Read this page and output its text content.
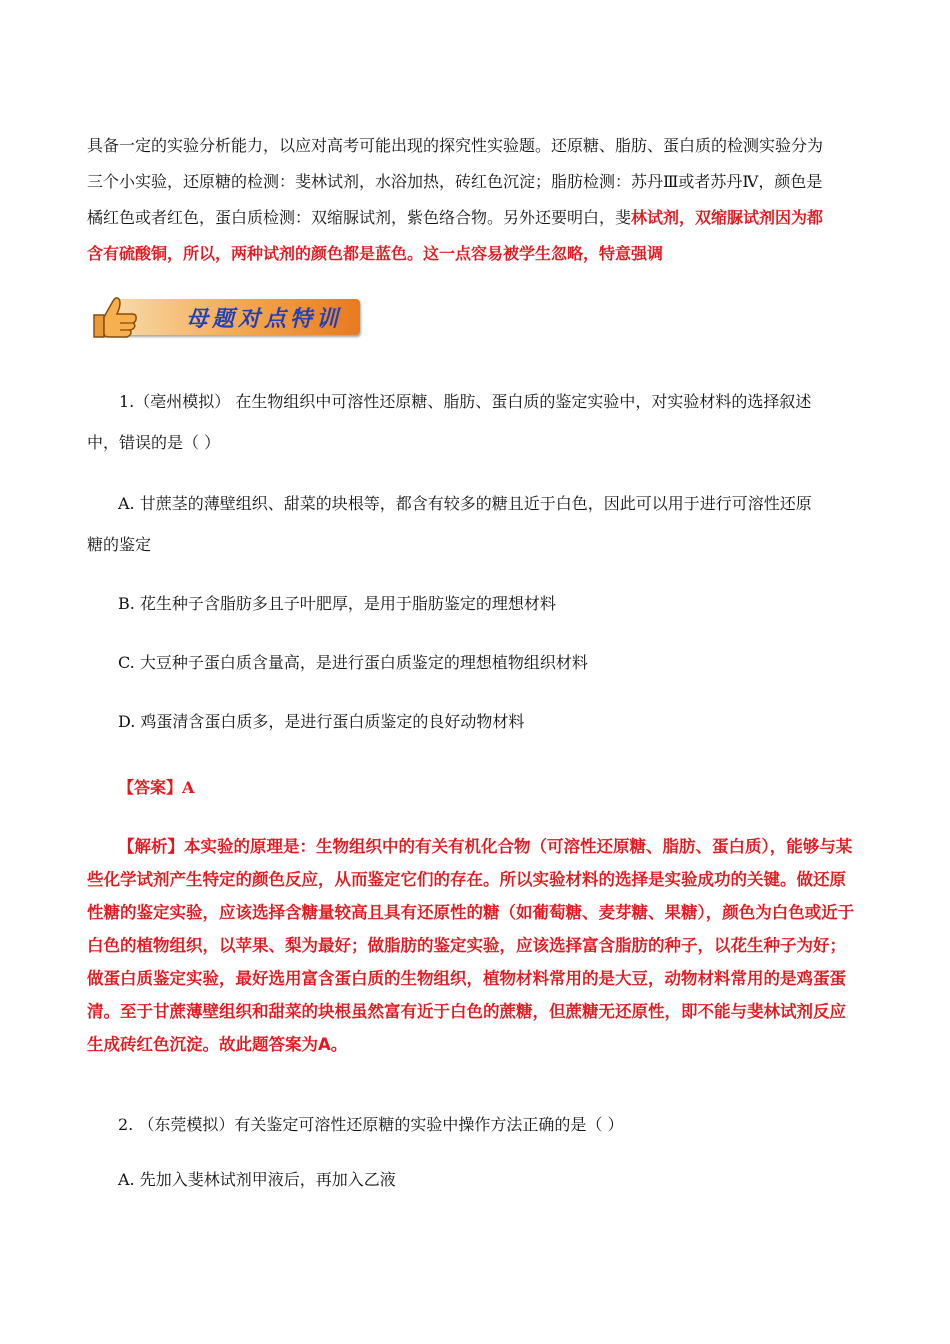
具备一定的实验分析能力，以应对高考可能出现的探究性实验题。还原糖、脂肪、蛋白质的检测实验分为
三个小实验，还原糖的检测：斐林试剂，水浴加热，砖红色沉淀；脂肪检测：苏丹Ⅲ或者苏丹Ⅳ，颜色是
橘红色或者红色，蛋白质检测：双缩脲试剂，紫色络合物。另外还要明白，斐林试剂，双缩脲试剂因为都
含有硫酸铜，所以，两种试剂的颜色都是蓝色。这一点容易被学生忽略，特意强调
母题对点特训
1.（亳州模拟） 在生物组织中可溶性还原糖、脂肪、蛋白质的鉴定实验中，对实验材料的选择叙述
中，错误的是（ ）
A. 甘蔗茎的薄壁组织、甜菜的块根等，都含有较多的糖且近于白色，因此可以用于进行可溶性还原
糖的鉴定
B. 花生种子含脂肪多且子叶肥厚，是用于脂肪鉴定的理想材料
C. 大豆种子蛋白质含量高，是进行蛋白质鉴定的理想植物组织材料
D. 鸡蛋清含蛋白质多，是进行蛋白质鉴定的良好动物材料
【答案】A
【解析】本实验的原理是：生物组织中的有关有机化合物（可溶性还原糖、脂肪、蛋白质），能够与某
些化学试剂产生特定的颜色反应，从而鉴定它们的存在。所以实验材料的选择是实验成功的关键。做还原
性糖的鉴定实验，应该选择含糖量较高且具有还原性的糖（如葡萄糖、麦芽糖、果糖），颜色为白色或近于
白色的植物组织，以苹果、梨为最好；做脂肪的鉴定实验，应该选择富含脂肪的种子，以花生种子为好；
做蛋白质鉴定实验，最好选用富含蛋白质的生物组织，植物材料常用的是大豆，动物材料常用的是鸡蛋蛋
清。至于甘蔗薄壁组织和甜菜的块根虽然富有近于白色的蔗糖，但蔗糖无还原性，即不能与斐林试剂反应
生成砖红色沉淀。故此题答案为A。
2. （东莞模拟）有关鉴定可溶性还原糖的实验中操作方法正确的是（ ）
A. 先加入斐林试剂甲液后，再加入乙液
